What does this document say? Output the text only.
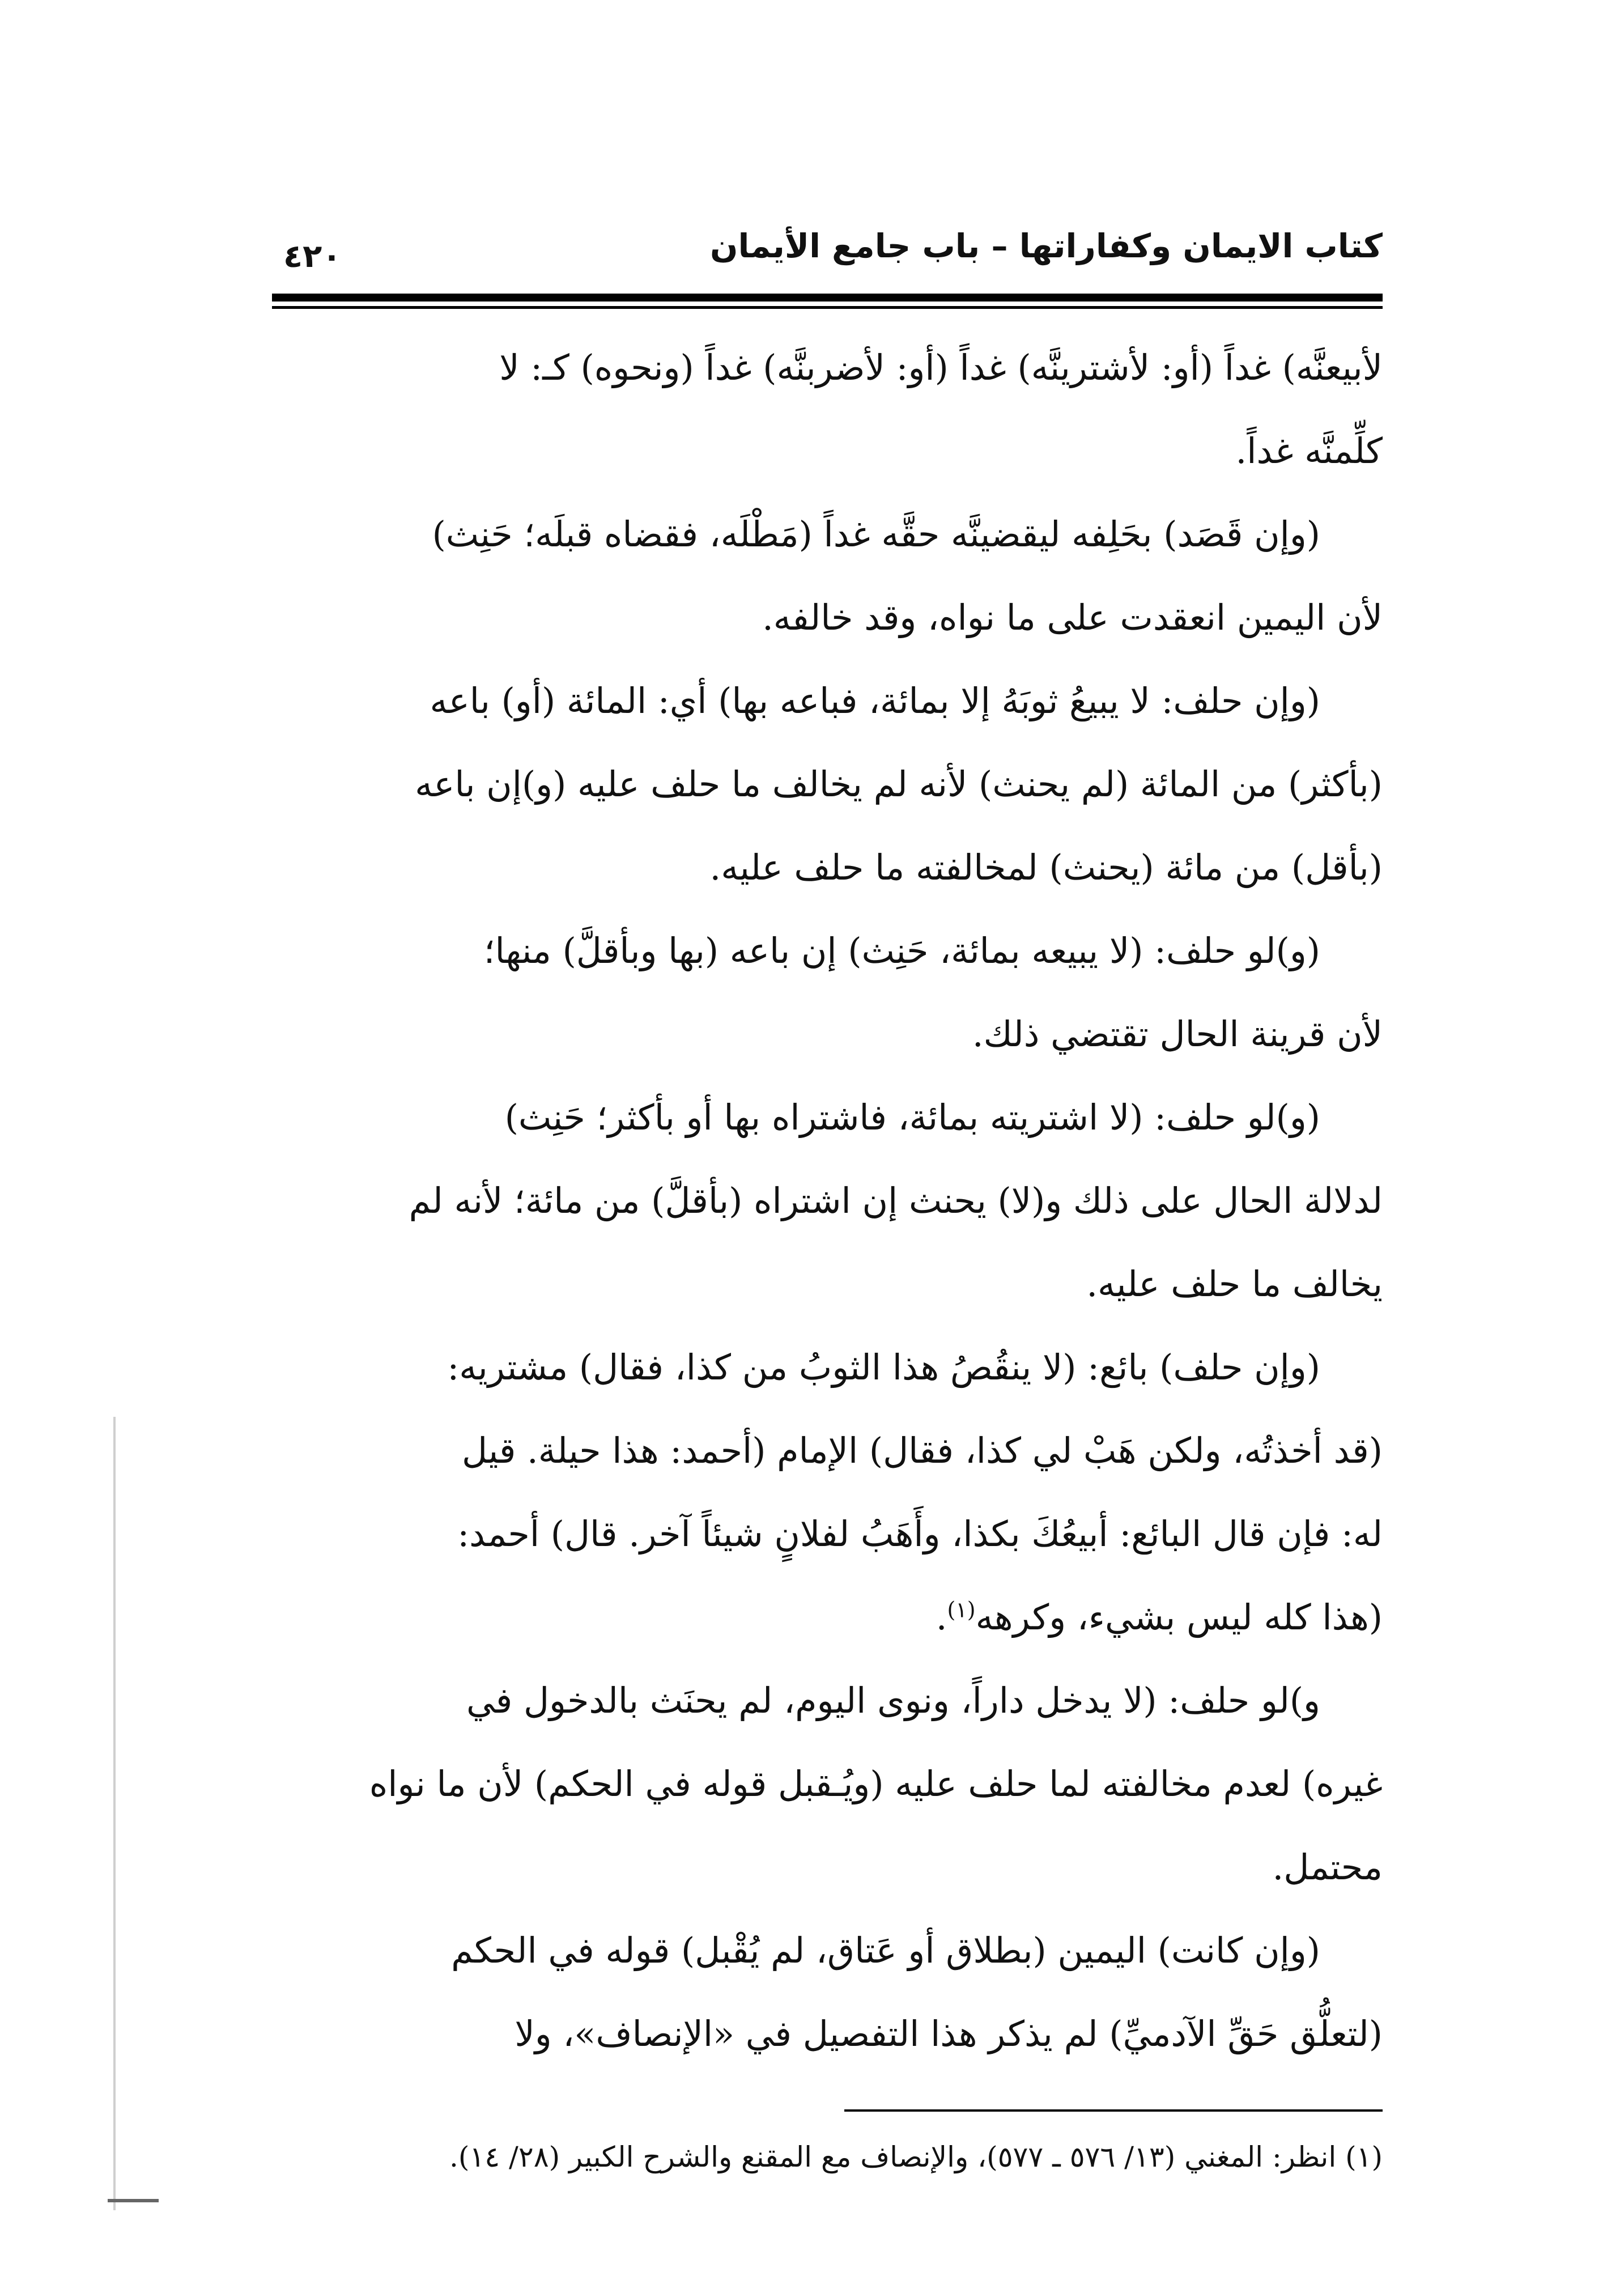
كتاب الايمان وكفاراتها – باب جامع الأيمان
٤٢٠

لأبيعنَّه) غداً (أو: لأشترينَّه) غداً (أو: لأضربنَّه) غداً (ونحوه) كـ: لا
كلِّمنَّه غداً.

(وإن قَصَد) بحَلِفه ليقضينَّه حقَّه غداً (مَطْلَه، فقضاه قبلَه؛ حَنِث)
لأن اليمين انعقدت على ما نواه، وقد خالفه.

(وإن حلف: لا يبيعُ ثوبَهُ إلا بمائة، فباعه بها) أي: المائة (أو) باعه
(بأكثر) من المائة (لم يحنث) لأنه لم يخالف ما حلف عليه (و)إن باعه
(بأقل) من مائة (يحنث) لمخالفته ما حلف عليه.

(و)لو حلف: (لا يبيعه بمائة، حَنِث) إن باعه (بها وبأقلَّ) منها؛
لأن قرينة الحال تقتضي ذلك.

(و)لو حلف: (لا اشتريته بمائة، فاشتراه بها أو بأكثر؛ حَنِث)
لدلالة الحال على ذلك و(لا) يحنث إن اشتراه (بأقلَّ) من مائة؛ لأنه لم
يخالف ما حلف عليه.

(وإن حلف) بائع: (لا ينقُصُ هذا الثوبُ من كذا، فقال) مشتريه:
(قد أخذتُه، ولكن هَبْ لي كذا، فقال) الإمام (أحمد: هذا حيلة. قيل
له: فإن قال البائع: أبيعُكَ بكذا، وأَهَبُ لفلانٍ شيئاً آخر. قال) أحمد:
(هذا كله ليس بشيء، وكرهه$^{(١)}$.

و)لو حلف: (لا يدخل داراً، ونوى اليوم، لم يحنَث بالدخول في
غيره) لعدم مخالفته لما حلف عليه (ويُـقبل قوله في الحكم) لأن ما نواه
محتمل.

(وإن كانت) اليمين (بطلاق أو عَتاق، لم يُقْبل) قوله في الحكم
(لتعلُّق حَقِّ الآدميِّ) لم يذكر هذا التفصيل في «الإنصاف»، ولا

(١) انظر: المغني (١٣/ ٥٧٦ ـ ٥٧٧)، والإنصاف مع المقنع والشرح الكبير (٢٨/ ١٤).
